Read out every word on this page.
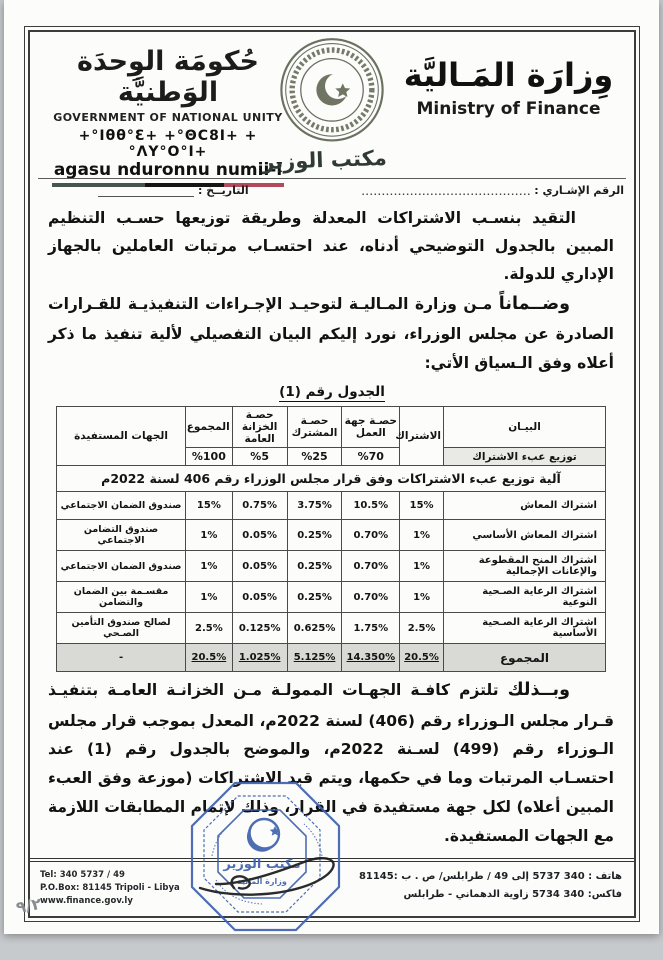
حُكومَة الوِحدَة الوَطنيَّة
GOVERNMENT OF NATIONAL UNITY
+°Iθθ°Ɛ+ +°ΘC8I+ +°ΛΥ°Ο°I+
agasu nduronnu numii-ī
وِزارَة المَـاليَّة
Ministry of Finance
مكتب الوزير
الرقم الإشـاري :
..........................................
التاريــخ :

التقيد بنسـب الاشتراكات المعدلة وطريقة توزيعها حسـب التنظيم المبين بالجدول التوضيحي أدناه، عند احتسـاب مرتبات العاملين بالجهاز الإداري للدولة.

وضــماناً مـن وزارة المـاليـة لتوحيـد الإجـراءات التنفيذيـة للقـرارات الصادرة عن مجلس الوزراء، نورد إليكم البيان التفصيلي لألية تنفيذ ما ذكر أعلاه وفق الـسياق الأتي:

الجدول رقم (1)
آلية توزيع عبء الاشتراكات وفق قرار مجلس الوزراء رقم 406 لسنة 2022م						
البيـان	الاشتراك	حصـة جهة العمل	حصـة المشترك	حصـة الخزانة العامة	المجموع	الجهات المستفيدة
توزيع عبء الاشتراك		%70	%25	%5	%100	
اشتراك المعاش	15%	10.5%	3.75%	0.75%	15%	صندوق الضمان الاجتماعي
اشتراك المعاش الأساسي	1%	0.70%	0.25%	0.05%	1%	صندوق التضامن الاجتماعي
اشتراك المنح المقطوعة والإعانات الإجمالية	1%	0.70%	0.25%	0.05%	1%	صندوق الضمان الاجتماعي
اشتراك الرعاية الصـحية النوعية	1%	0.70%	0.25%	0.05%	1%	مقسـمة بين الضمان والتضامن
اشتراك الرعاية الصـحية الأساسية	2.5%	1.75%	0.625%	0.125%	2.5%	لصالح صندوق التأمين الصـحي
المجموع	20.5%	14.350%	5.125%	1.025%	20.5%	-

وبــذلك تلتزم كافـة الجهـات الممولـة مـن الخزانـة العامـة بتنفيـذ قـرار مجلس الـوزراء رقم (406) لسنة 2022م، المعدل بموجب قرار مجلس الـوزراء رقم (499) لسـنة 2022م، والموضح بالجدول رقم (1) عند احتسـاب المرتبات وما في حكمها، ويتم قيد الاشتراكات (موزعة وفق العبء المبين أعلاه) لكل جهة مستفيدة في القرار، وذلك لإتمام المطابقات اللازمة مع الجهات المستفيدة.

Tel: 340 5737 / 49
P.O.Box: 81145 Tripoli - Libya
www.finance.gov.ly
هاتف : 340 5737 إلى 49 / طرابلس/ ص . ب :81145
فاكس: 340 5734 زاوية الدهماني - طرابلس
مكتب الوزير
وزارة المالية
٩/٢
